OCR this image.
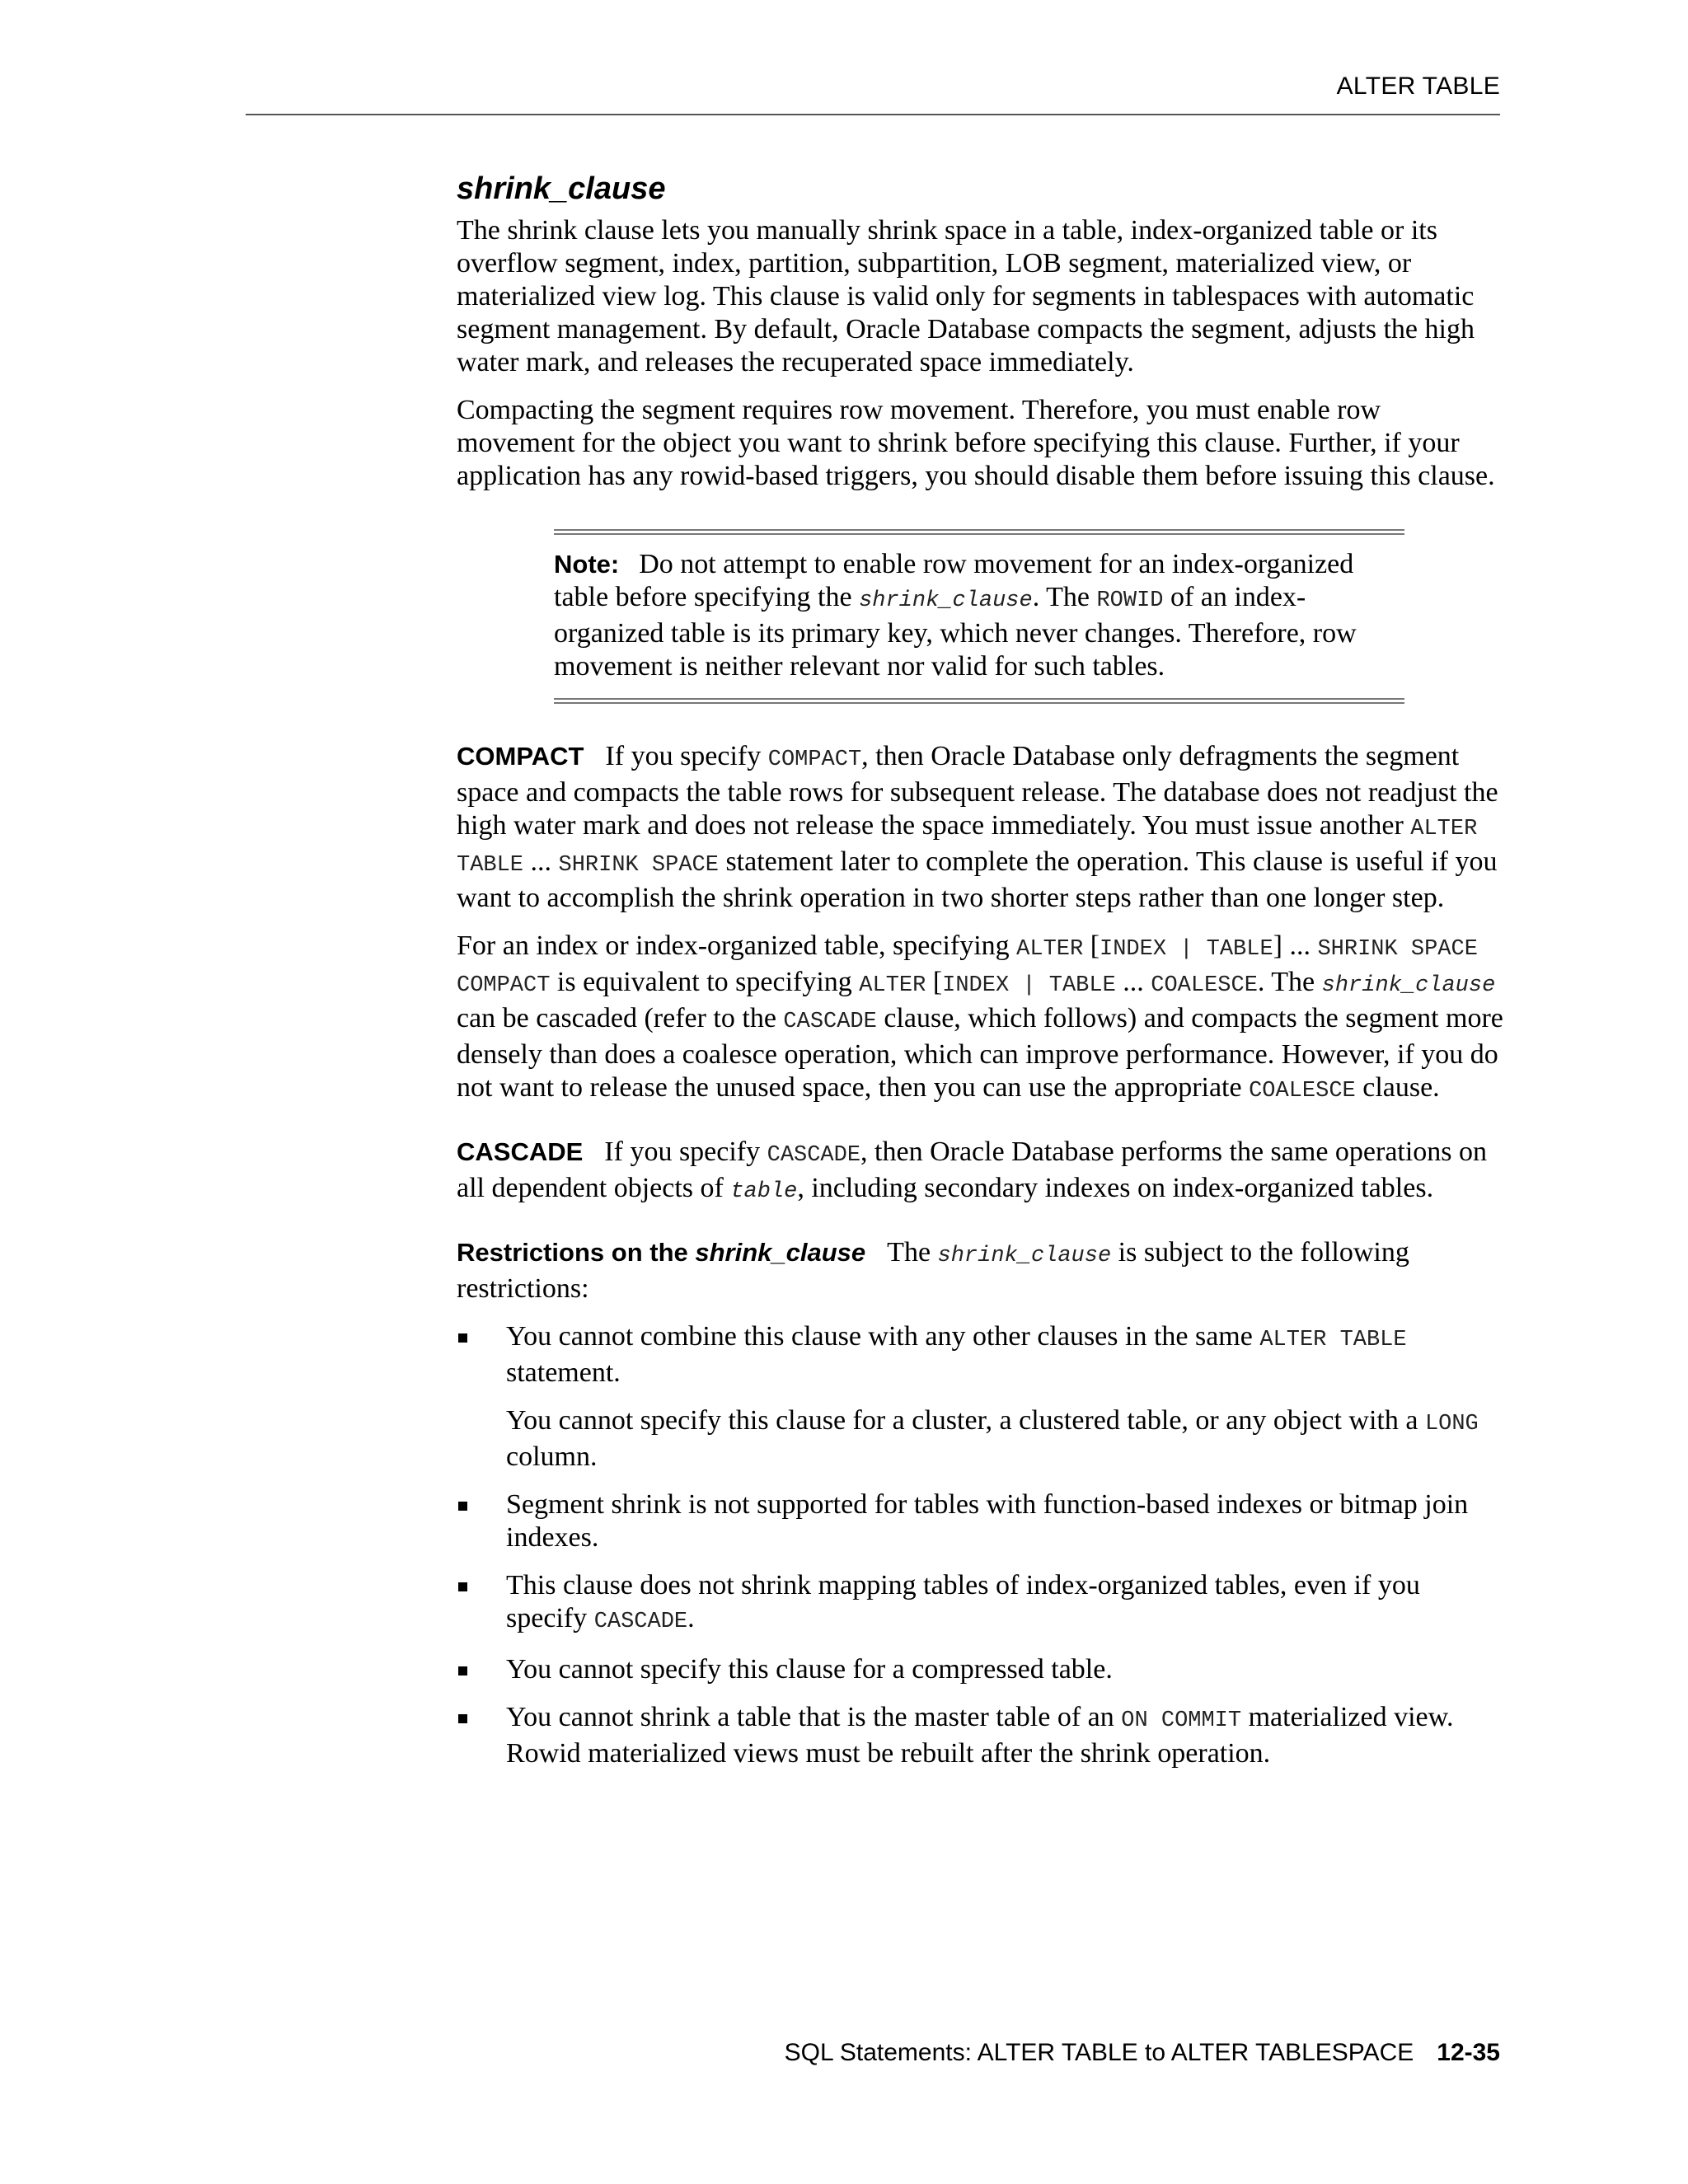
ALTER TABLE
shrink_clause

The shrink clause lets you manually shrink space in a table, index-organized table or its overflow segment, index, partition, subpartition, LOB segment, materialized view, or materialized view log. This clause is valid only for segments in tablespaces with automatic segment management. By default, Oracle Database compacts the segment, adjusts the high water mark, and releases the recuperated space immediately.

Compacting the segment requires row movement. Therefore, you must enable row movement for the object you want to shrink before specifying this clause. Further, if your application has any rowid-based triggers, you should disable them before issuing this clause.

Note: Do not attempt to enable row movement for an index-organized table before specifying the shrink_clause. The ROWID of an index-organized table is its primary key, which never changes. Therefore, row movement is neither relevant nor valid for such tables.

COMPACT If you specify COMPACT, then Oracle Database only defragments the segment space and compacts the table rows for subsequent release. The database does not readjust the high water mark and does not release the space immediately. You must issue another ALTER TABLE ... SHRINK SPACE statement later to complete the operation. This clause is useful if you want to accomplish the shrink operation in two shorter steps rather than one longer step.

For an index or index-organized table, specifying ALTER [INDEX | TABLE] ... SHRINK SPACE COMPACT is equivalent to specifying ALTER [INDEX | TABLE ... COALESCE. The shrink_clause can be cascaded (refer to the CASCADE clause, which follows) and compacts the segment more densely than does a coalesce operation, which can improve performance. However, if you do not want to release the unused space, then you can use the appropriate COALESCE clause.

CASCADE If you specify CASCADE, then Oracle Database performs the same operations on all dependent objects of table, including secondary indexes on index-organized tables.

Restrictions on the shrink_clause The shrink_clause is subject to the following restrictions:

You cannot combine this clause with any other clauses in the same ALTER TABLE statement.

You cannot specify this clause for a cluster, a clustered table, or any object with a LONG column.

Segment shrink is not supported for tables with function-based indexes or bitmap join indexes.

This clause does not shrink mapping tables of index-organized tables, even if you specify CASCADE.

You cannot specify this clause for a compressed table.

You cannot shrink a table that is the master table of an ON COMMIT materialized view. Rowid materialized views must be rebuilt after the shrink operation.

SQL Statements: ALTER TABLE to ALTER TABLESPACE 12-35
